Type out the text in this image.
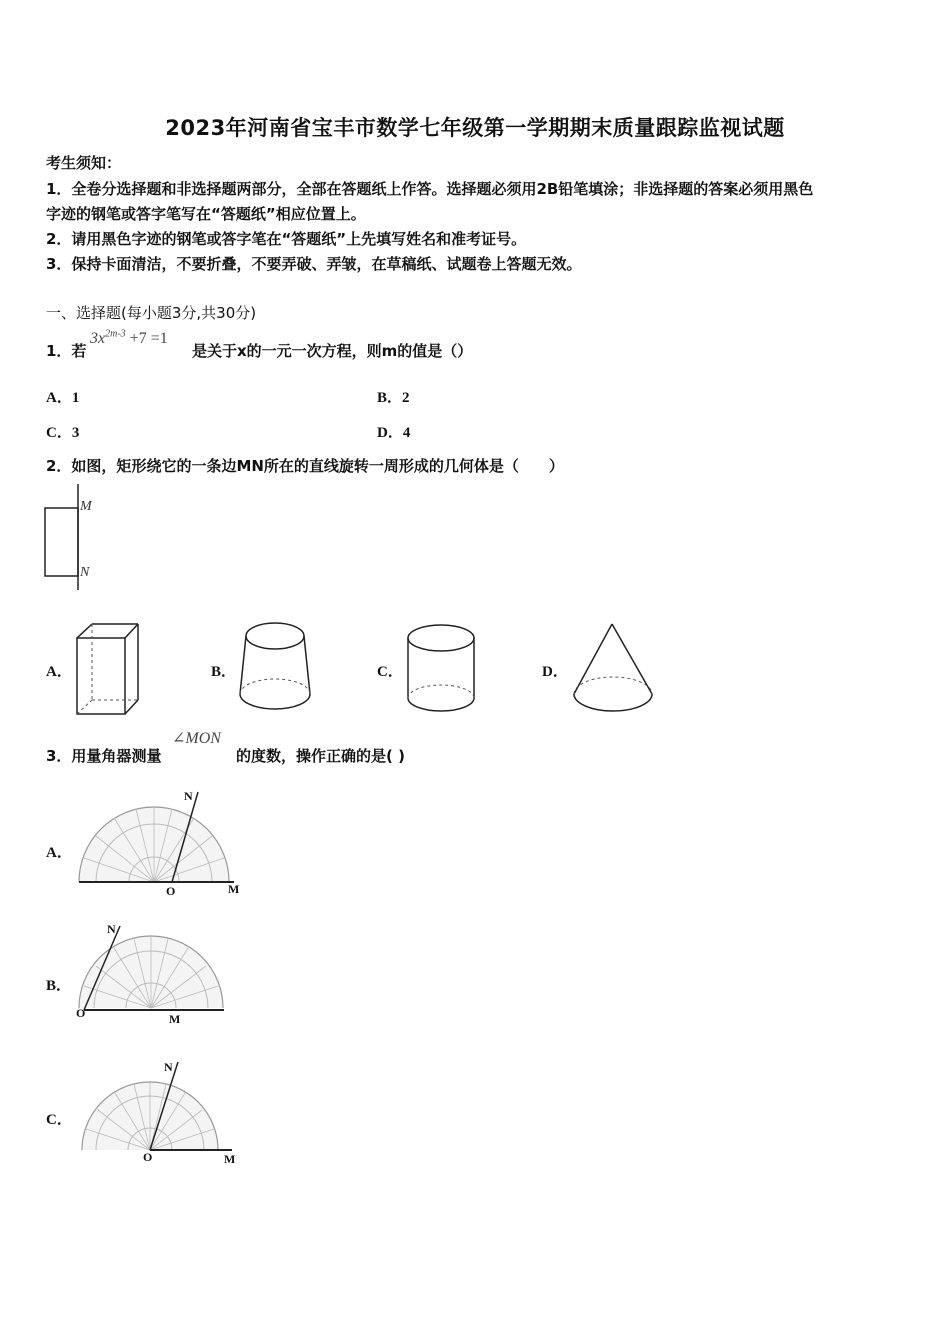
2023年河南省宝丰市数学七年级第一学期期末质量跟踪监视试题
考生须知：
1．全卷分选择题和非选择题两部分，全部在答题纸上作答。选择题必须用2B铅笔填涂；非选择题的答案必须用黑色
字迹的钢笔或答字笔写在“答题纸”相应位置上。
2．请用黑色字迹的钢笔或答字笔在“答题纸”上先填写姓名和准考证号。
3．保持卡面清洁，不要折叠，不要弄破、弄皱，在草稿纸、试题卷上答题无效。
一、选择题(每小题3分,共30分)
1．若
$3x^{2m-3} +7 =1$
是关于x的一元一次方程，则m的值是（）
A．1	B．2
C．3	D．4
2．如图，矩形绕它的一条边MN所在的直线旋转一周形成的几何体是（　　）
M
N
A．	B．	C．	D．
3．用量角器测量
∠MON
的度数，操作正确的是( )
A．
N
O	M
B．
N
O	M
C．
N
O	M
